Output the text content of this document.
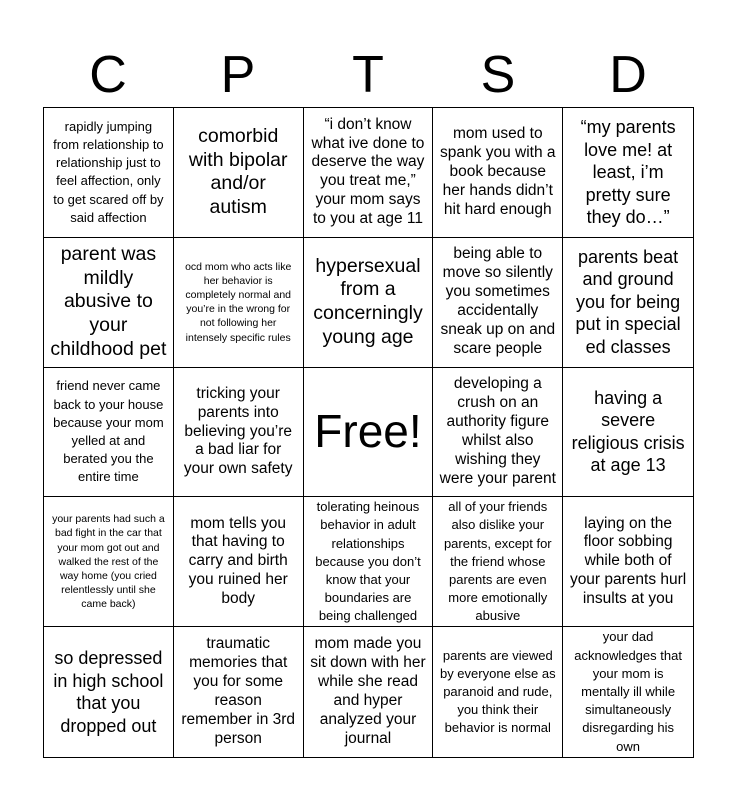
C	P	T	S	D
rapidly jumping from relationship to relationship just to feel affection, only to get scared off by said affection
comorbid with bipolar and/or autism
“i don’t know what ive done to deserve the way you treat me,” your mom says to you at age 11
mom used to spank you with a book because her hands didn’t hit hard enough
“my parents love me! at least, i’m pretty sure they do…”
parent was mildly abusive to your childhood pet
ocd mom who acts like her behavior is completely normal and you’re in the wrong for not following her intensely specific rules
hypersexual from a concerningly young age
being able to move so silently you sometimes accidentally sneak up on and scare people
parents beat and ground you for being put in special ed classes
friend never came back to your house because your mom yelled at and berated you the entire time
tricking your parents into believing you’re a bad liar for your own safety
Free!
developing a crush on an authority figure whilst also wishing they were your parent
having a severe religious crisis at age 13
your parents had such a bad fight in the car that your mom got out and walked the rest of the way home (you cried relentlessly until she came back)
mom tells you that having to carry and birth you ruined her body
tolerating heinous behavior in adult relationships because you don’t know that your boundaries are being challenged
all of your friends also dislike your parents, except for the friend whose parents are even more emotionally abusive
laying on the floor sobbing while both of your parents hurl insults at you
so depressed in high school that you dropped out
traumatic memories that you for some reason remember in 3rd person
mom made you sit down with her while she read and hyper analyzed your journal
parents are viewed by everyone else as paranoid and rude, you think their behavior is normal
your dad acknowledges that your mom is mentally ill while simultaneously disregarding his own
